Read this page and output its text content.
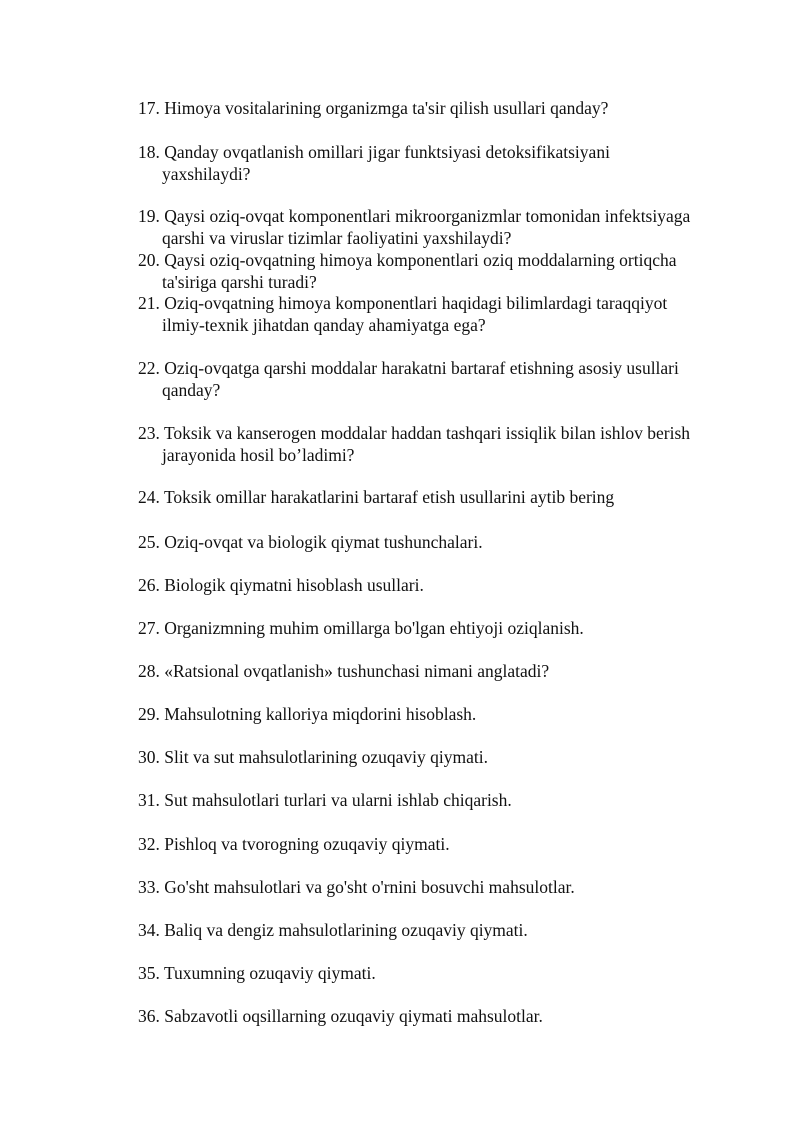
17. Himoya vositalarining organizmga ta'sir qilish usullari qanday?

18. Qanday ovqatlanish omillari jigar funktsiyasi detoksifikatsiyani
yaxshilaydi?

19. Qaysi oziq-ovqat komponentlari mikroorganizmlar tomonidan infektsiyaga
qarshi va viruslar tizimlar faoliyatini yaxshilaydi?

20. Qaysi oziq-ovqatning himoya komponentlari oziq moddalarning ortiqcha
ta'siriga qarshi turadi?

21. Oziq-ovqatning himoya komponentlari haqidagi bilimlardagi taraqqiyot
ilmiy-texnik jihatdan qanday ahamiyatga ega?

22. Oziq-ovqatga qarshi moddalar harakatni bartaraf etishning asosiy usullari
qanday?

23. Toksik va kanserogen moddalar haddan tashqari issiqlik bilan ishlov berish
jarayonida hosil bo’ladimi?

24. Toksik omillar harakatlarini bartaraf etish usullarini aytib bering

25. Oziq-ovqat va biologik qiymat tushunchalari.

26. Biologik qiymatni hisoblash usullari.

27. Organizmning muhim omillarga bo'lgan ehtiyoji oziqlanish.

28. «Ratsional ovqatlanish» tushunchasi nimani anglatadi?

29. Mahsulotning kalloriya miqdorini hisoblash.

30. Slit va sut mahsulotlarining ozuqaviy qiymati.

31. Sut mahsulotlari turlari va ularni ishlab chiqarish.

32. Pishloq va tvorogning ozuqaviy qiymati.

33. Go'sht mahsulotlari va go'sht o'rnini bosuvchi mahsulotlar.

34. Baliq va dengiz mahsulotlarining ozuqaviy qiymati.

35. Tuxumning ozuqaviy qiymati.

36. Sabzavotli oqsillarning ozuqaviy qiymati mahsulotlar.
